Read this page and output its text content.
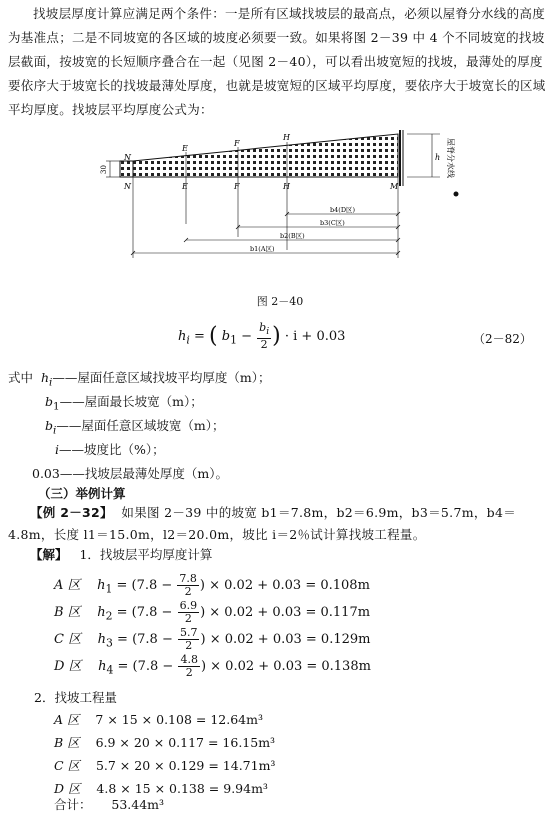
找坡层厚度计算应满足两个条件：一是所有区域找坡层的最高点，必须以屋脊分水线的高度为基准点；二是不同坡宽的各区域的坡度必须要一致。如果将图 2－39 中 4 个不同坡宽的找坡层截面，按坡宽的长短顺序叠合在一起（见图 2－40），可以看出坡宽短的找坡，最薄处的厚度要依序大于坡宽长的找坡最薄处厚度，也就是坡宽短的区域平均厚度，要依序大于坡宽长的区域平均厚度。找坡层平均厚度公式为：
N
E
F
H
N	E	F	H	M
30
h 屋脊分水线
b4(D区)
b3(C区)
b2(B区)
b1(A区)
图 2－40
$h_i$ = ( $b_1 - \frac{b_i}{2}$ ) · i + 0.03	（2－82）
式中 $h_i——$屋面任意区域找坡平均厚度（m）；
$b_1——$屋面最长坡宽（m）；
$b_i——$屋面任意区域坡宽（m）；
i——坡度比（%）；
0.03——找坡层最薄处厚度（m）。
（三）举例计算
【例 2－32】 如果图 2－39 中的坡宽 b1＝7.8m，b2＝6.9m，b3＝5.7m，b4＝4.8m，长度 l1＝15.0m，l2＝20.0m，坡比 i＝2％试计算找坡工程量。
【解】 1．找坡层平均厚度计算
A 区 $h_1 = (7.8 - \frac{7.8}{2}$ ) × 0.02 + 0.03 = 0.108m
B 区 $h_2 = (7.8 - \frac{6.9}{2}$ ) × 0.02 + 0.03 = 0.117m
C 区 $h_3 = (7.8 - \frac{5.7}{2}$ ) × 0.02 + 0.03 = 0.129m
D 区 $h_4 = (7.8 - \frac{4.8}{2}$ ) × 0.02 + 0.03 = 0.138m
2．找坡工程量
A 区 7 × 15 × 0.108 = 12.64m³
B 区 6.9 × 20 × 0.117 = 16.15m³
C 区 5.7 × 20 × 0.129 = 14.71m³
D 区 4.8 × 15 × 0.138 = 9.94m³
合计： 53.44m³
